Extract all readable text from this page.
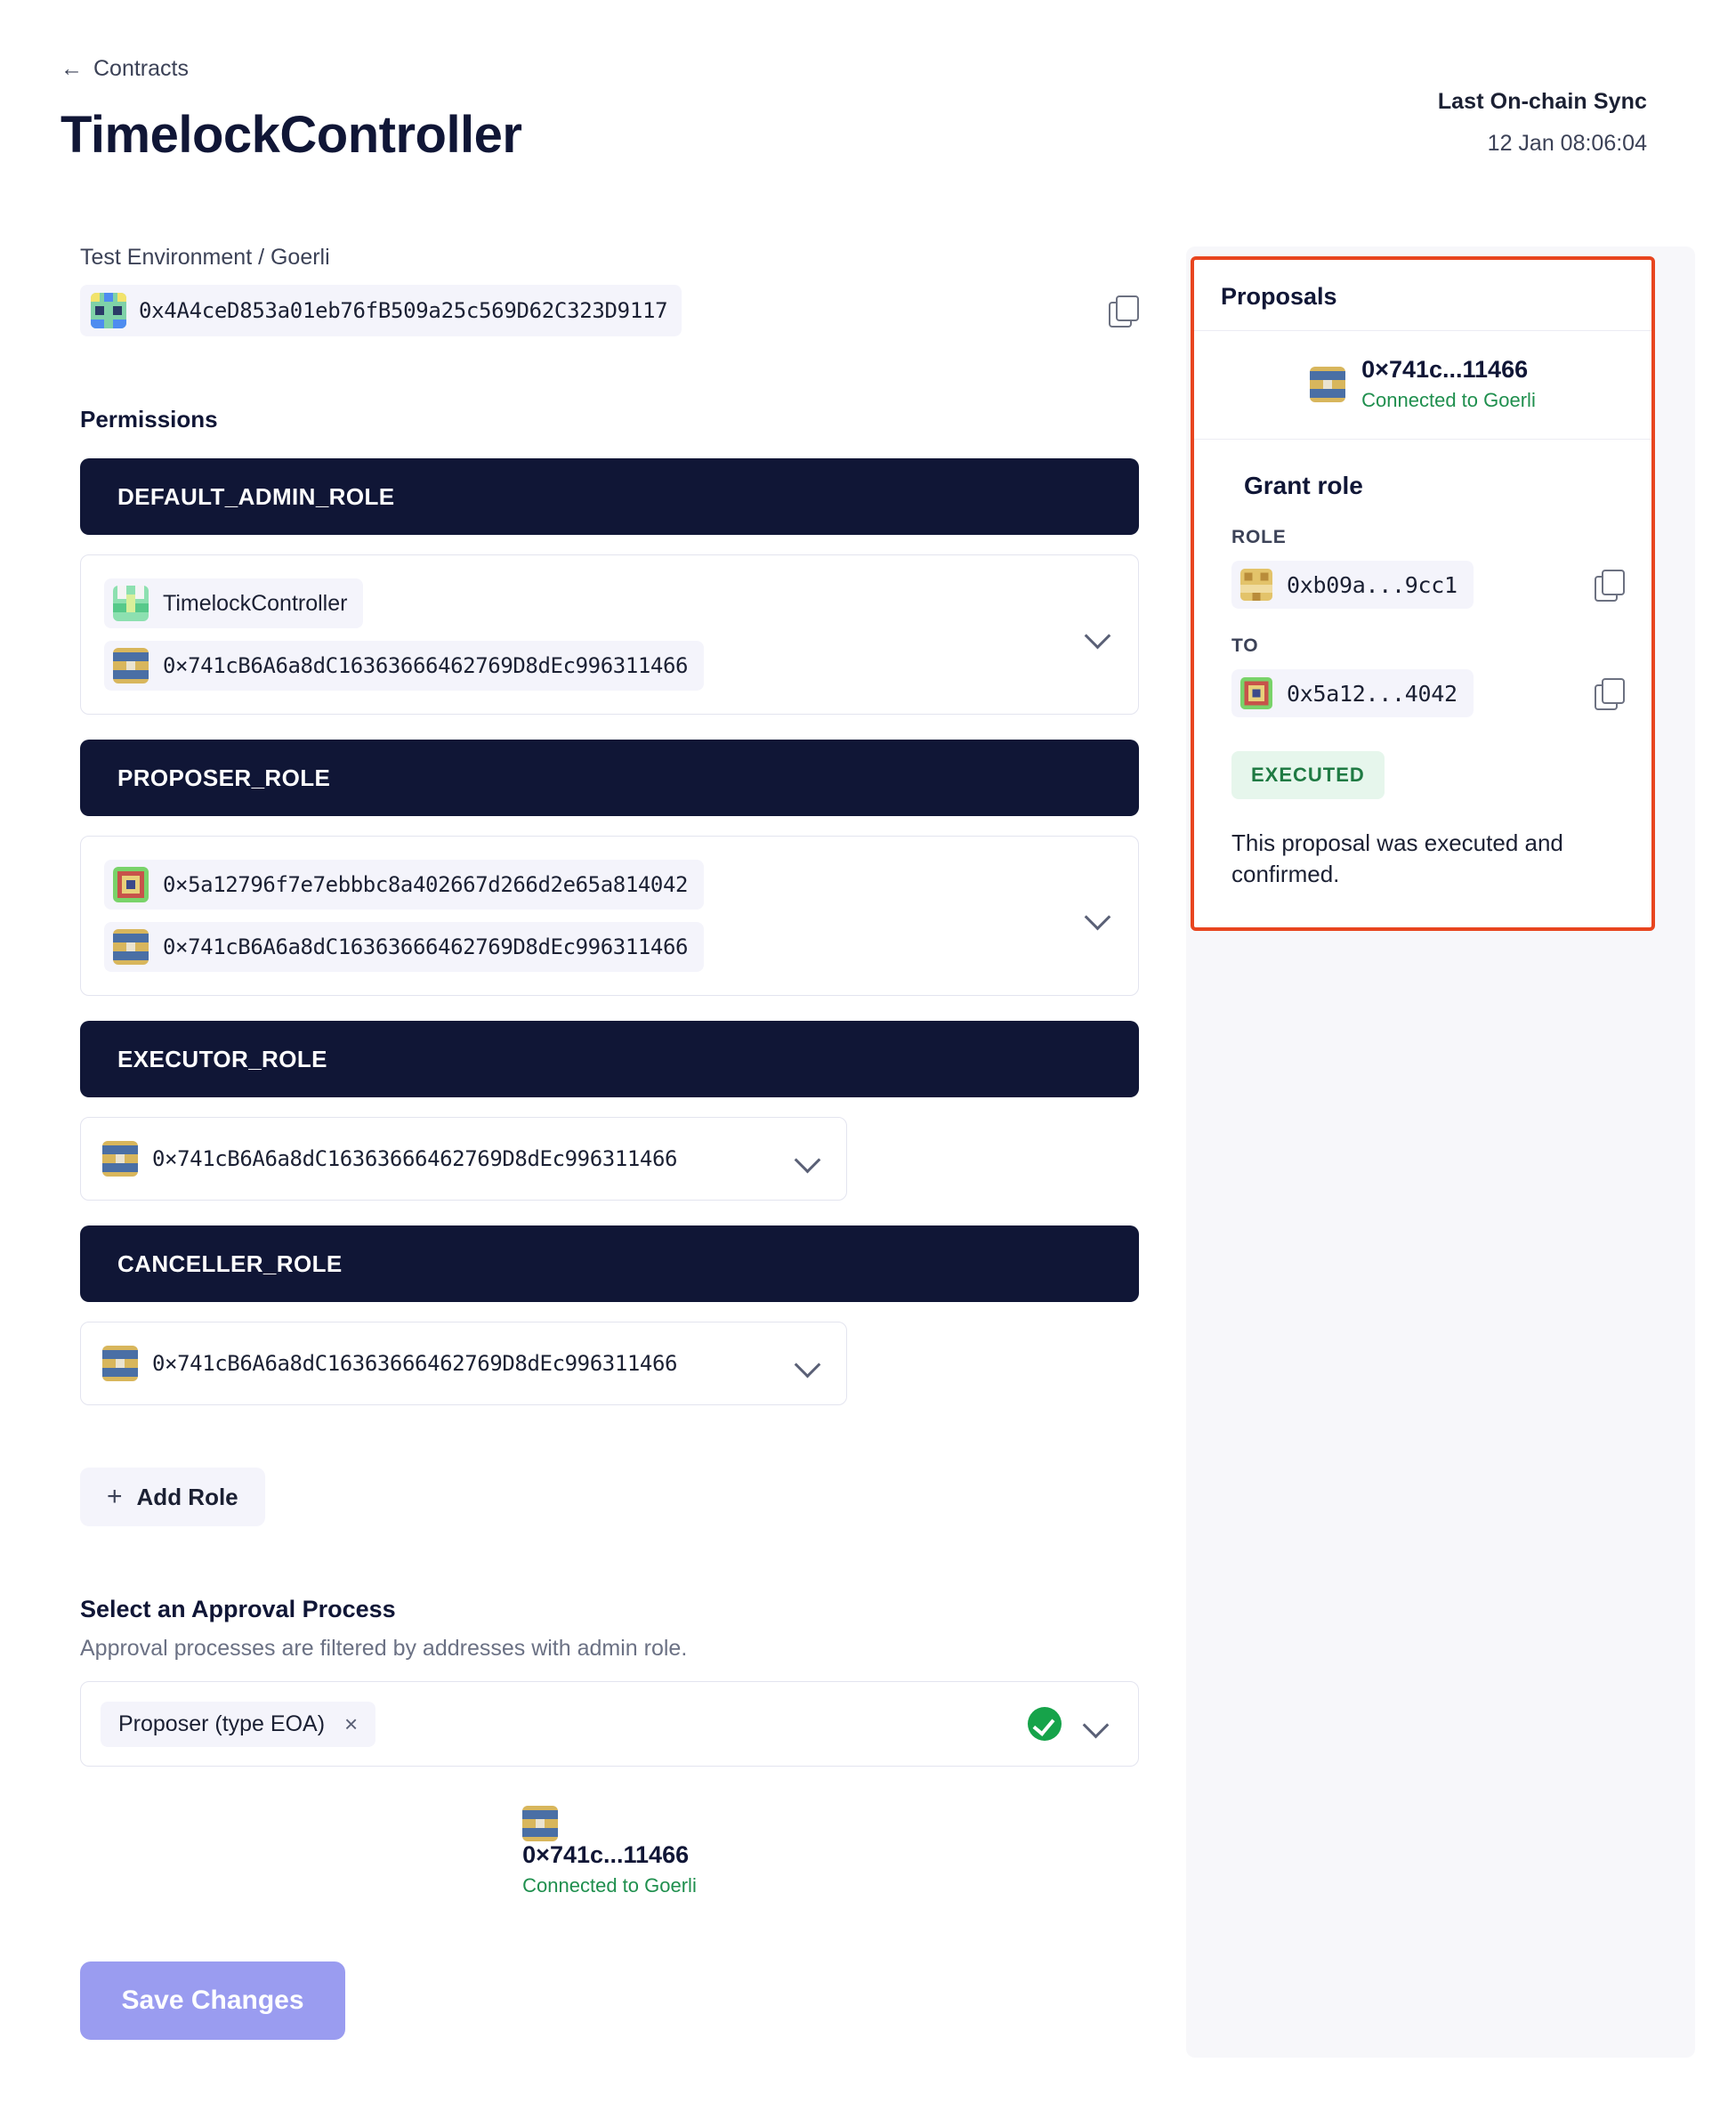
← Contracts
TimelockController
Last On-chain Sync
12 Jan 08:06:04
Test Environment / Goerli
0x4A4ceD853a01eb76fB509a25c569D62C323D9117
Permissions
DEFAULT_ADMIN_ROLE
TimelockController
0×741cB6A6a8dC16363666462769D8dEc996311466
PROPOSER_ROLE
0×5a12796f7e7ebbbc8a402667d266d2e65a814042
0×741cB6A6a8dC16363666462769D8dEc996311466
EXECUTOR_ROLE
0×741cB6A6a8dC16363666462769D8dEc996311466
CANCELLER_ROLE
0×741cB6A6a8dC16363666462769D8dEc996311466
+ Add Role
Select an Approval Process
Approval processes are filtered by addresses with admin role.
Proposer (type EOA) ×
0×741c...11466
Connected to Goerli
Save Changes
Proposals
0×741c...11466
Connected to Goerli
Grant role
ROLE
0xb09a...9cc1
TO
0x5a12...4042
EXECUTED
This proposal was executed and confirmed.
